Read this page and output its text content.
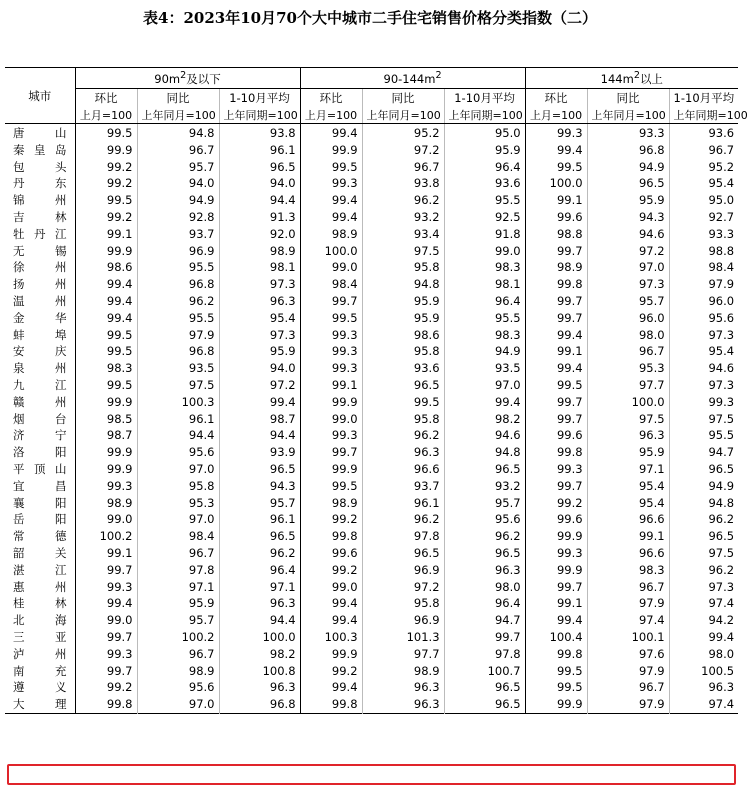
表4：2023年10月70个大中城市二手住宅销售价格分类指数（二）
城市	$90m^2$及以下			$90-144m^2$			$144m^2$以上		
	环比	同比	1-10月平均	环比	同比	1-10月平均	环比	同比	1-10月平均
	上月=100	上年同月=100	上年同期=100	上月=100	上年同月=100	上年同期=100	上月=100	上年同月=100	上年同期=100
唐山	99.5	94.8	93.8	99.4	95.2	95.0	99.3	93.3	93.6
秦皇岛	99.9	96.7	96.1	99.9	97.2	95.9	99.4	96.8	96.7
包头	99.2	95.7	96.5	99.5	96.7	96.4	99.5	94.9	95.2
丹东	99.2	94.0	94.0	99.3	93.8	93.6	100.0	96.5	95.4
锦州	99.5	94.9	94.4	99.4	96.2	95.5	99.1	95.9	95.0
吉林	99.2	92.8	91.3	99.4	93.2	92.5	99.6	94.3	92.7
牡丹江	99.1	93.7	92.0	98.9	93.4	91.8	98.8	94.6	93.3
无锡	99.9	96.9	98.9	100.0	97.5	99.0	99.7	97.2	98.8
徐州	98.6	95.5	98.1	99.0	95.8	98.3	98.9	97.0	98.4
扬州	99.4	96.8	97.3	98.4	94.8	98.1	99.8	97.3	97.9
温州	99.4	96.2	96.3	99.7	95.9	96.4	99.7	95.7	96.0
金华	99.4	95.5	95.4	99.5	95.9	95.5	99.7	96.0	95.6
蚌埠	99.5	97.9	97.3	99.3	98.6	98.3	99.4	98.0	97.3
安庆	99.5	96.8	95.9	99.3	95.8	94.9	99.1	96.7	95.4
泉州	98.3	93.5	94.0	99.3	93.6	93.5	99.4	95.3	94.6
九江	99.5	97.5	97.2	99.1	96.5	97.0	99.5	97.7	97.3
赣州	99.9	100.3	99.4	99.9	99.5	99.4	99.7	100.0	99.3
烟台	98.5	96.1	98.7	99.0	95.8	98.2	99.7	97.5	97.5
济宁	98.7	94.4	94.4	99.3	96.2	94.6	99.6	96.3	95.5
洛阳	99.9	95.6	93.9	99.7	96.3	94.8	99.8	95.9	94.7
平顶山	99.9	97.0	96.5	99.9	96.6	96.5	99.3	97.1	96.5
宜昌	99.3	95.8	94.3	99.5	93.7	93.2	99.7	95.4	94.9
襄阳	98.9	95.3	95.7	98.9	96.1	95.7	99.2	95.4	94.8
岳阳	99.0	97.0	96.1	99.2	96.2	95.6	99.6	96.6	96.2
常德	100.2	98.4	96.5	99.8	97.8	96.2	99.9	99.1	96.5
韶关	99.1	96.7	96.2	99.6	96.5	96.5	99.3	96.6	97.5
湛江	99.7	97.8	96.4	99.2	96.9	96.3	99.9	98.3	96.2
惠州	99.3	97.1	97.1	99.0	97.2	98.0	99.7	96.7	97.3
桂林	99.4	95.9	96.3	99.4	95.8	96.4	99.1	97.9	97.4
北海	99.0	95.7	94.4	99.4	96.9	94.7	99.4	97.4	94.2
三亚	99.7	100.2	100.0	100.3	101.3	99.7	100.4	100.1	99.4
泸州	99.3	96.7	98.2	99.9	97.7	97.8	99.8	97.6	98.0
南充	99.7	98.9	100.8	99.2	98.9	100.7	99.5	97.9	100.5
遵义	99.2	95.6	96.3	99.4	96.3	96.5	99.5	96.7	96.3
大理	99.8	97.0	96.8	99.8	96.3	96.5	99.9	97.9	97.4
